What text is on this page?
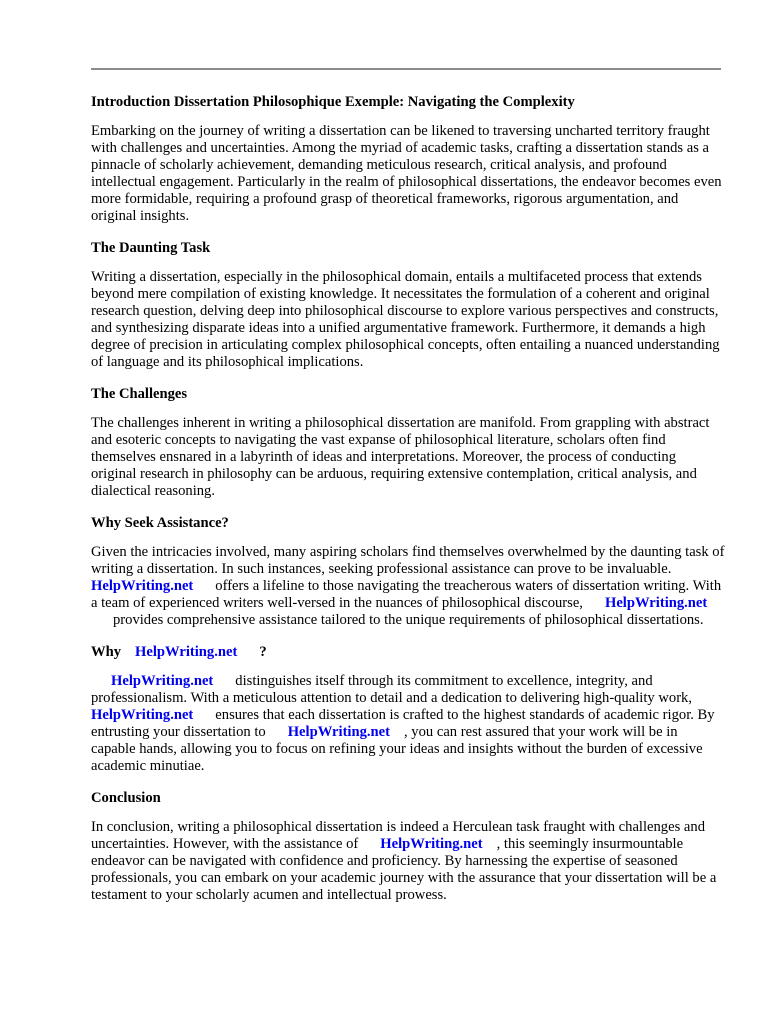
Introduction Dissertation Philosophique Exemple: Navigating the Complexity

Embarking on the journey of writing a dissertation can be likened to traversing uncharted territory fraught with challenges and uncertainties. Among the myriad of academic tasks, crafting a dissertation stands as a pinnacle of scholarly achievement, demanding meticulous research, critical analysis, and profound intellectual engagement. Particularly in the realm of philosophical dissertations, the endeavor becomes even more formidable, requiring a profound grasp of theoretical frameworks, rigorous argumentation, and original insights.

The Daunting Task

Writing a dissertation, especially in the philosophical domain, entails a multifaceted process that extends beyond mere compilation of existing knowledge. It necessitates the formulation of a coherent and original research question, delving deep into philosophical discourse to explore various perspectives and constructs, and synthesizing disparate ideas into a unified argumentative framework. Furthermore, it demands a high degree of precision in articulating complex philosophical concepts, often entailing a nuanced understanding of language and its philosophical implications.

The Challenges

The challenges inherent in writing a philosophical dissertation are manifold. From grappling with abstract and esoteric concepts to navigating the vast expanse of philosophical literature, scholars often find themselves ensnared in a labyrinth of ideas and interpretations. Moreover, the process of conducting original research in philosophy can be arduous, requiring extensive contemplation, critical analysis, and dialectical reasoning.

Why Seek Assistance?

Given the intricacies involved, many aspiring scholars find themselves overwhelmed by the daunting task of writing a dissertation. In such instances, seeking professional assistance can prove to be invaluable.HelpWriting.net offers a lifeline to those navigating the treacherous waters of dissertation writing. With a team of experienced writers well-versed in the nuances of philosophical discourse, HelpWriting.netprovides comprehensive assistance tailored to the unique requirements of philosophical dissertations.

Why HelpWriting.net ?

HelpWriting.net distinguishes itself through its commitment to excellence, integrity, and professionalism. With a meticulous attention to detail and a dedication to delivering high-quality work,HelpWriting.net ensures that each dissertation is crafted to the highest standards of academic rigor. By entrusting your dissertation to HelpWriting.net , you can rest assured that your work will be in capable hands, allowing you to focus on refining your ideas and insights without the burden of excessive academic minutiae.

Conclusion

In conclusion, writing a philosophical dissertation is indeed a Herculean task fraught with challenges and uncertainties. However, with the assistance of HelpWriting.net , this seemingly insurmountable endeavor can be navigated with confidence and proficiency. By harnessing the expertise of seasoned professionals, you can embark on your academic journey with the assurance that your dissertation will be a testament to your scholarly acumen and intellectual prowess.
